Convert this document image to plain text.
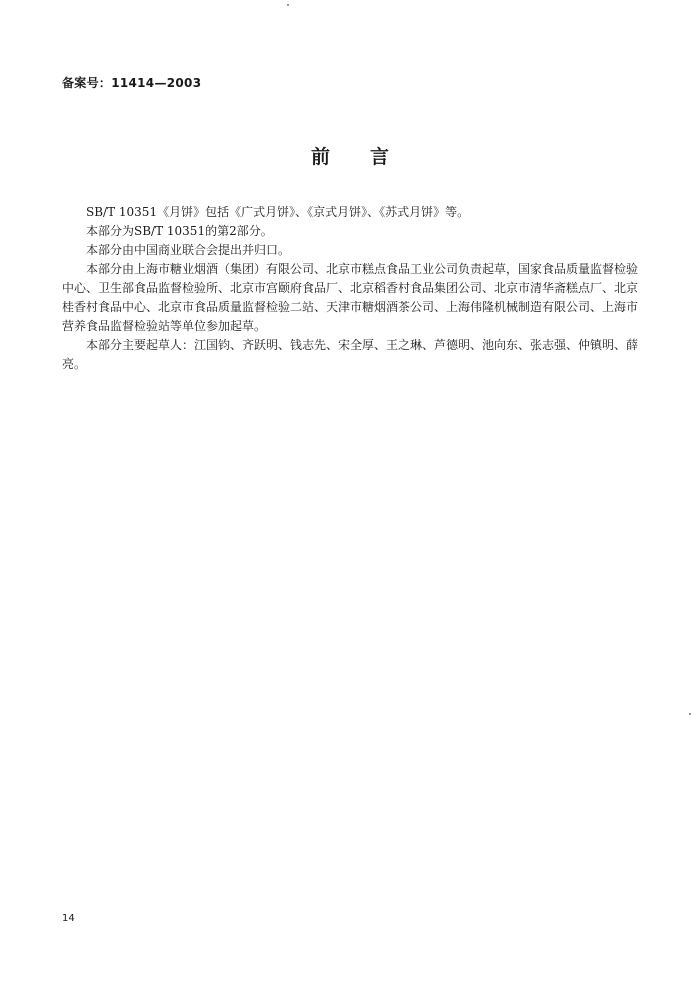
备案号：11414—2003
前言

SB/T 10351《月饼》包括《广式月饼》、《京式月饼》、《苏式月饼》等。

本部分为SB/T 10351的第2部分。

本部分由中国商业联合会提出并归口。

本部分由上海市糖业烟酒（集团）有限公司、北京市糕点食品工业公司负责起草，国家食品质量监督检验中心、卫生部食品监督检验所、北京市宫颐府食品厂、北京稻香村食品集团公司、北京市清华斋糕点厂、北京桂香村食品中心、北京市食品质量监督检验二站、天津市糖烟酒茶公司、上海伟隆机械制造有限公司、上海市营养食品监督检验站等单位参加起草。

本部分主要起草人：江国钧、齐跃明、钱志先、宋全厚、王之琳、芦德明、池向东、张志强、仲镇明、薛亮。

14
